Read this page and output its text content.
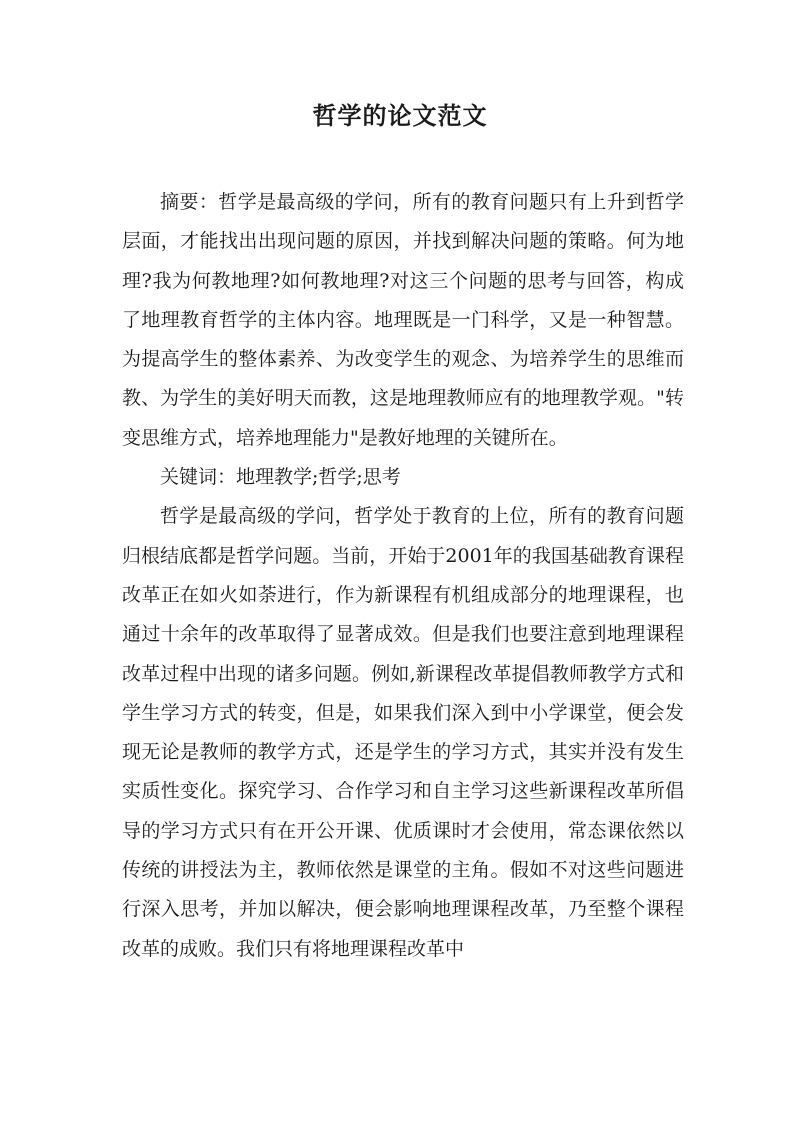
哲学的论文范文

摘要：哲学是最高级的学问，所有的教育问题只有上升到哲学层面，才能找出出现问题的原因，并找到解决问题的策略。何为地理?我为何教地理?如何教地理?对这三个问题的思考与回答，构成了地理教育哲学的主体内容。地理既是一门科学，又是一种智慧。为提高学生的整体素养、为改变学生的观念、为培养学生的思维而教、为学生的美好明天而教，这是地理教师应有的地理教学观。"转变思维方式，培养地理能力"是教好地理的关键所在。

关键词：地理教学;哲学;思考

哲学是最高级的学问，哲学处于教育的上位，所有的教育问题归根结底都是哲学问题。当前，开始于2001年的我国基础教育课程改革正在如火如荼进行，作为新课程有机组成部分的地理课程，也通过十余年的改革取得了显著成效。但是我们也要注意到地理课程改革过程中出现的诸多问题。例如,新课程改革提倡教师教学方式和学生学习方式的转变，但是，如果我们深入到中小学课堂，便会发现无论是教师的教学方式，还是学生的学习方式，其实并没有发生实质性变化。探究学习、合作学习和自主学习这些新课程改革所倡导的学习方式只有在开公开课、优质课时才会使用，常态课依然以传统的讲授法为主，教师依然是课堂的主角。假如不对这些问题进行深入思考，并加以解决，便会影响地理课程改革，乃至整个课程改革的成败。我们只有将地理课程改革中
